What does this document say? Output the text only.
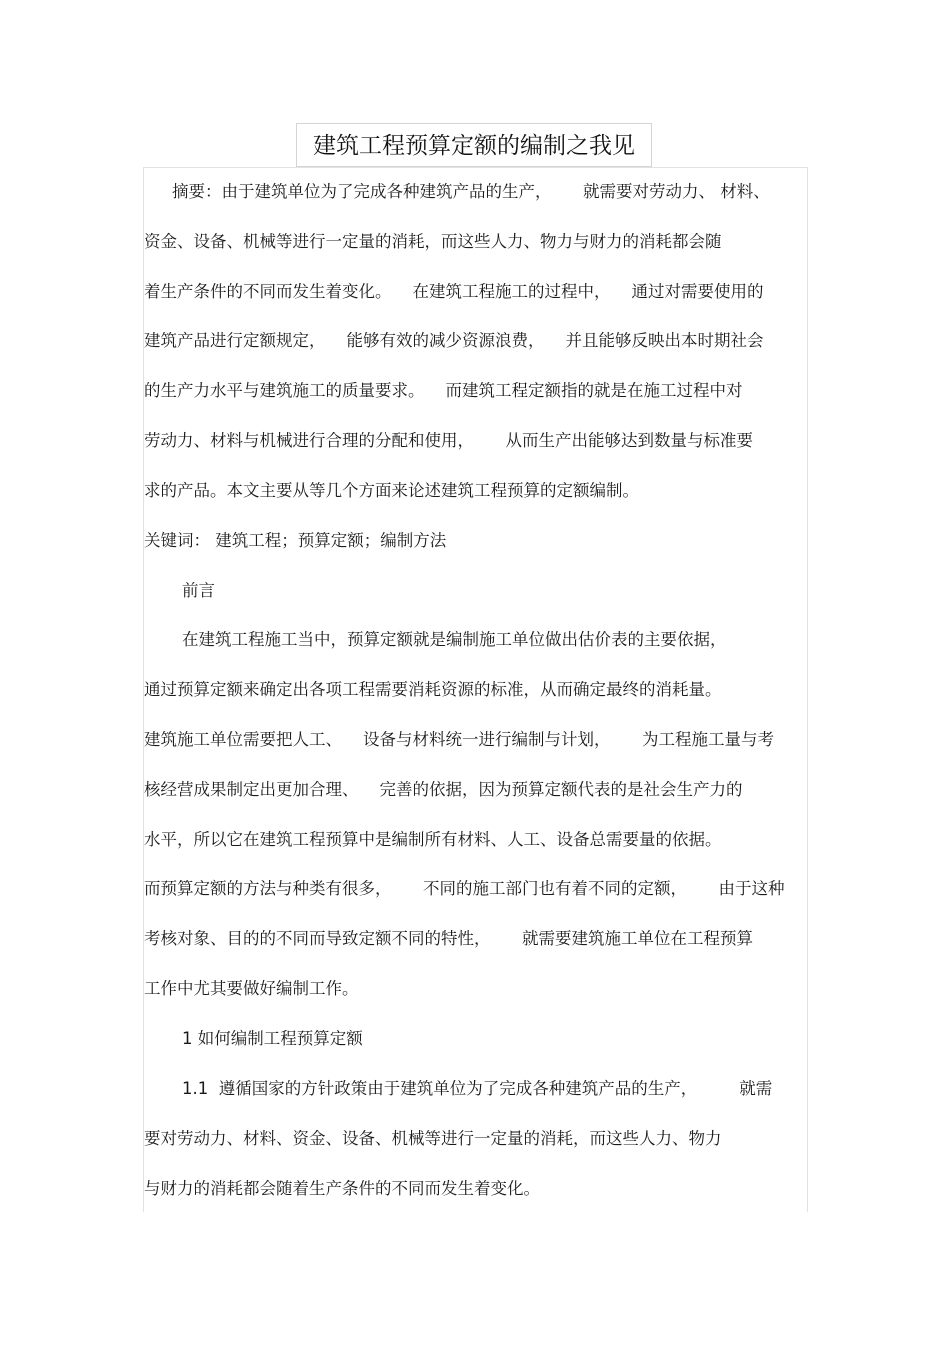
建筑工程预算定额的编制之我见
摘要：由于建筑单位为了完成各种建筑产品的生产，      就需要对劳动力、 材料、
资金、设备、机械等进行一定量的消耗，而这些人力、物力与财力的消耗都会随
着生产条件的不同而发生着变化。    在建筑工程施工的过程中，    通过对需要使用的
建筑产品进行定额规定，    能够有效的减少资源浪费，    并且能够反映出本时期社会
的生产力水平与建筑施工的质量要求。    而建筑工程定额指的就是在施工过程中对
劳动力、材料与机械进行合理的分配和使用，      从而生产出能够达到数量与标准要
求的产品。本文主要从等几个方面来论述建筑工程预算的定额编制。
关键词： 建筑工程；预算定额；编制方法
前言
在建筑工程施工当中，预算定额就是编制施工单位做出估价表的主要依据，
通过预算定额来确定出各项工程需要消耗资源的标准，从而确定最终的消耗量。
建筑施工单位需要把人工、    设备与材料统一进行编制与计划，      为工程施工量与考
核经营成果制定出更加合理、    完善的依据，因为预算定额代表的是社会生产力的
水平，所以它在建筑工程预算中是编制所有材料、人工、设备总需要量的依据。
而预算定额的方法与种类有很多，      不同的施工部门也有着不同的定额，      由于这种
考核对象、目的的不同而导致定额不同的特性，      就需要建筑施工单位在工程预算
工作中尤其要做好编制工作。
1 如何编制工程预算定额
1.1  遵循国家的方针政策由于建筑单位为了完成各种建筑产品的生产，        就需
要对劳动力、材料、资金、设备、机械等进行一定量的消耗，而这些人力、物力
与财力的消耗都会随着生产条件的不同而发生着变化。
